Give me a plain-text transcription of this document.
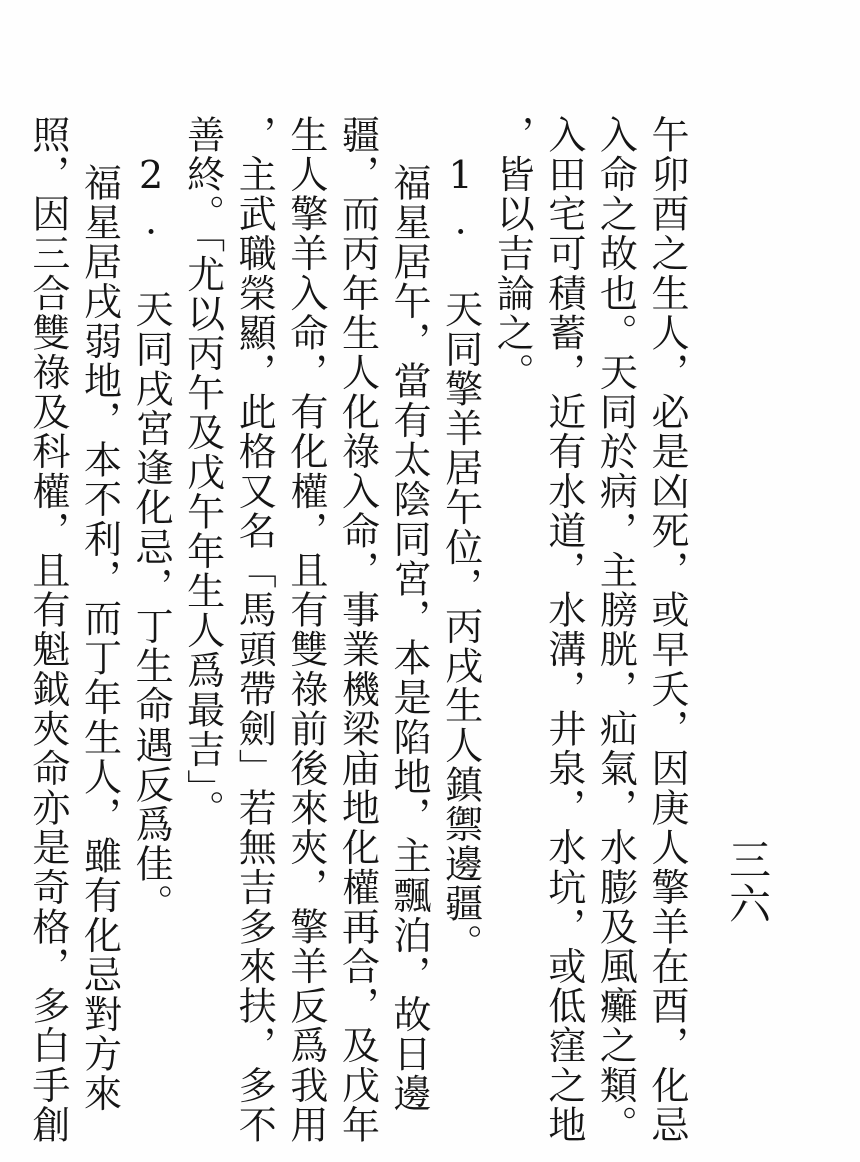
三六

午卯酉之生人，必是凶死，或早夭，因庚人擎羊在酉，化忌

入命之故也。天同於病，主膀胱，疝氣，水膨及風癱之類。

入田宅可積蓄，近有水道，水溝，井泉，水坑，或低窪之地

，皆以吉論之。

1. 天同擎羊居午位，丙戌生人鎮禦邊疆。

福星居午，當有太陰同宮，本是陷地，主飄泊，故日邊

疆，而丙年生人化祿入命，事業機梁庙地化權再合，及戊年

生人擎羊入命，有化權，且有雙祿前後來夾，擎羊反爲我用

，主武職榮顯，此格又名「馬頭帶劍」若無吉多來扶，多不

善終。「尤以丙午及戊午年生人爲最吉」。

2. 天同戌宮逢化忌，丁生命遇反爲佳。

福星居戌弱地，本不利，而丁年生人，雖有化忌對方來

照，因三合雙祿及科權，且有魁鉞夾命亦是奇格，多白手創
